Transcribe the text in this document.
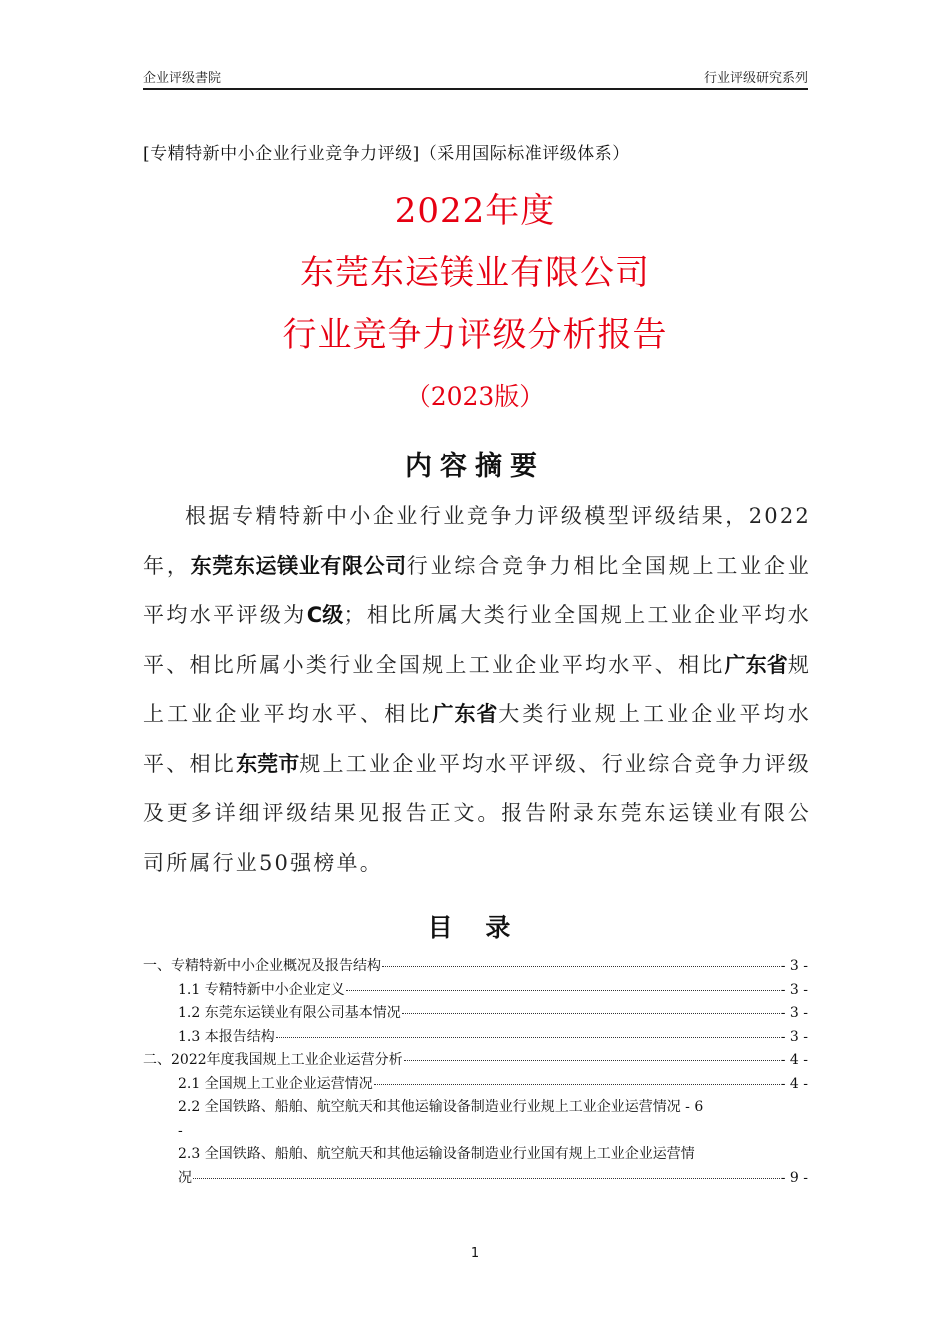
企业评级書院	行业评级研究系列
[专精特新中小企业行业竞争力评级]（采用国际标准评级体系）
2022年度
东莞东运镁业有限公司
行业竞争力评级分析报告
（2023版）
内容摘要
根据专精特新中小企业行业竞争力评级模型评级结果，2022年，东莞东运镁业有限公司行业综合竞争力相比全国规上工业企业平均水平评级为C级；相比所属大类行业全国规上工业企业平均水平、相比所属小类行业全国规上工业企业平均水平、相比广东省规上工业企业平均水平、相比广东省大类行业规上工业企业平均水平、相比东莞市规上工业企业平均水平评级、行业综合竞争力评级及更多详细评级结果见报告正文。报告附录东莞东运镁业有限公司所属行业50强榜单。
目 录
一、专精特新中小企业概况及报告结构	- 3 -
1.1 专精特新中小企业定义	- 3 -
1.2 东莞东运镁业有限公司基本情况	- 3 -
1.3 本报告结构	- 3 -
二、2022年度我国规上工业企业运营分析	- 4 -
2.1 全国规上工业企业运营情况	- 4 -
2.2 全国铁路、船舶、航空航天和其他运输设备制造业行业规上工业企业运营情况 - 6
-
2.3 全国铁路、船舶、航空航天和其他运输设备制造业行业国有规上工业企业运营情
况	- 9 -
1
